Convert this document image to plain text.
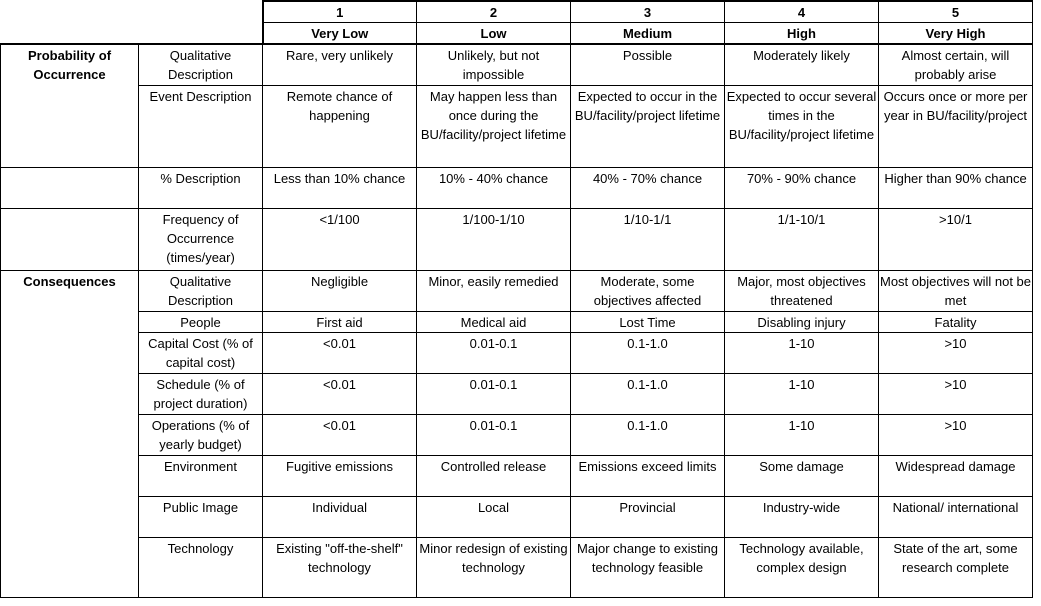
		1	2	3	4	5
		Very Low	Low	Medium	High	Very High
Probability of Occurrence	Qualitative Description	Rare, very unlikely	Unlikely, but not impossible	Possible	Moderately likely	Almost certain, will probably arise
	Event Description	Remote chance of happening	May happen less than once during the BU/facility/project lifetime	Expected to occur in the BU/facility/project lifetime	Expected to occur several times in the BU/facility/project lifetime	Occurs once or more per year in BU/facility/project
	% Description	Less than 10% chance	10% - 40% chance	40% - 70% chance	70% - 90% chance	Higher than 90% chance
	Frequency of Occurrence (times/year)	<1/100	1/100-1/10	1/10-1/1	1/1-10/1	>10/1
Consequences	Qualitative Description	Negligible	Minor, easily remedied	Moderate, some objectives affected	Major, most objectives threatened	Most objectives will not be met
	People	First aid	Medical aid	Lost Time	Disabling injury	Fatality
	Capital Cost (% of capital cost)	<0.01	0.01-0.1	0.1-1.0	1-10	>10
	Schedule (% of project duration)	<0.01	0.01-0.1	0.1-1.0	1-10	>10
	Operations (% of yearly budget)	<0.01	0.01-0.1	0.1-1.0	1-10	>10
	Environment	Fugitive emissions	Controlled release	Emissions exceed limits	Some damage	Widespread damage
	Public Image	Individual	Local	Provincial	Industry-wide	National/ international
	Technology	Existing "off-the-shelf" technology	Minor redesign of existing technology	Major change to existing technology feasible	Technology available, complex design	State of the art, some research complete
